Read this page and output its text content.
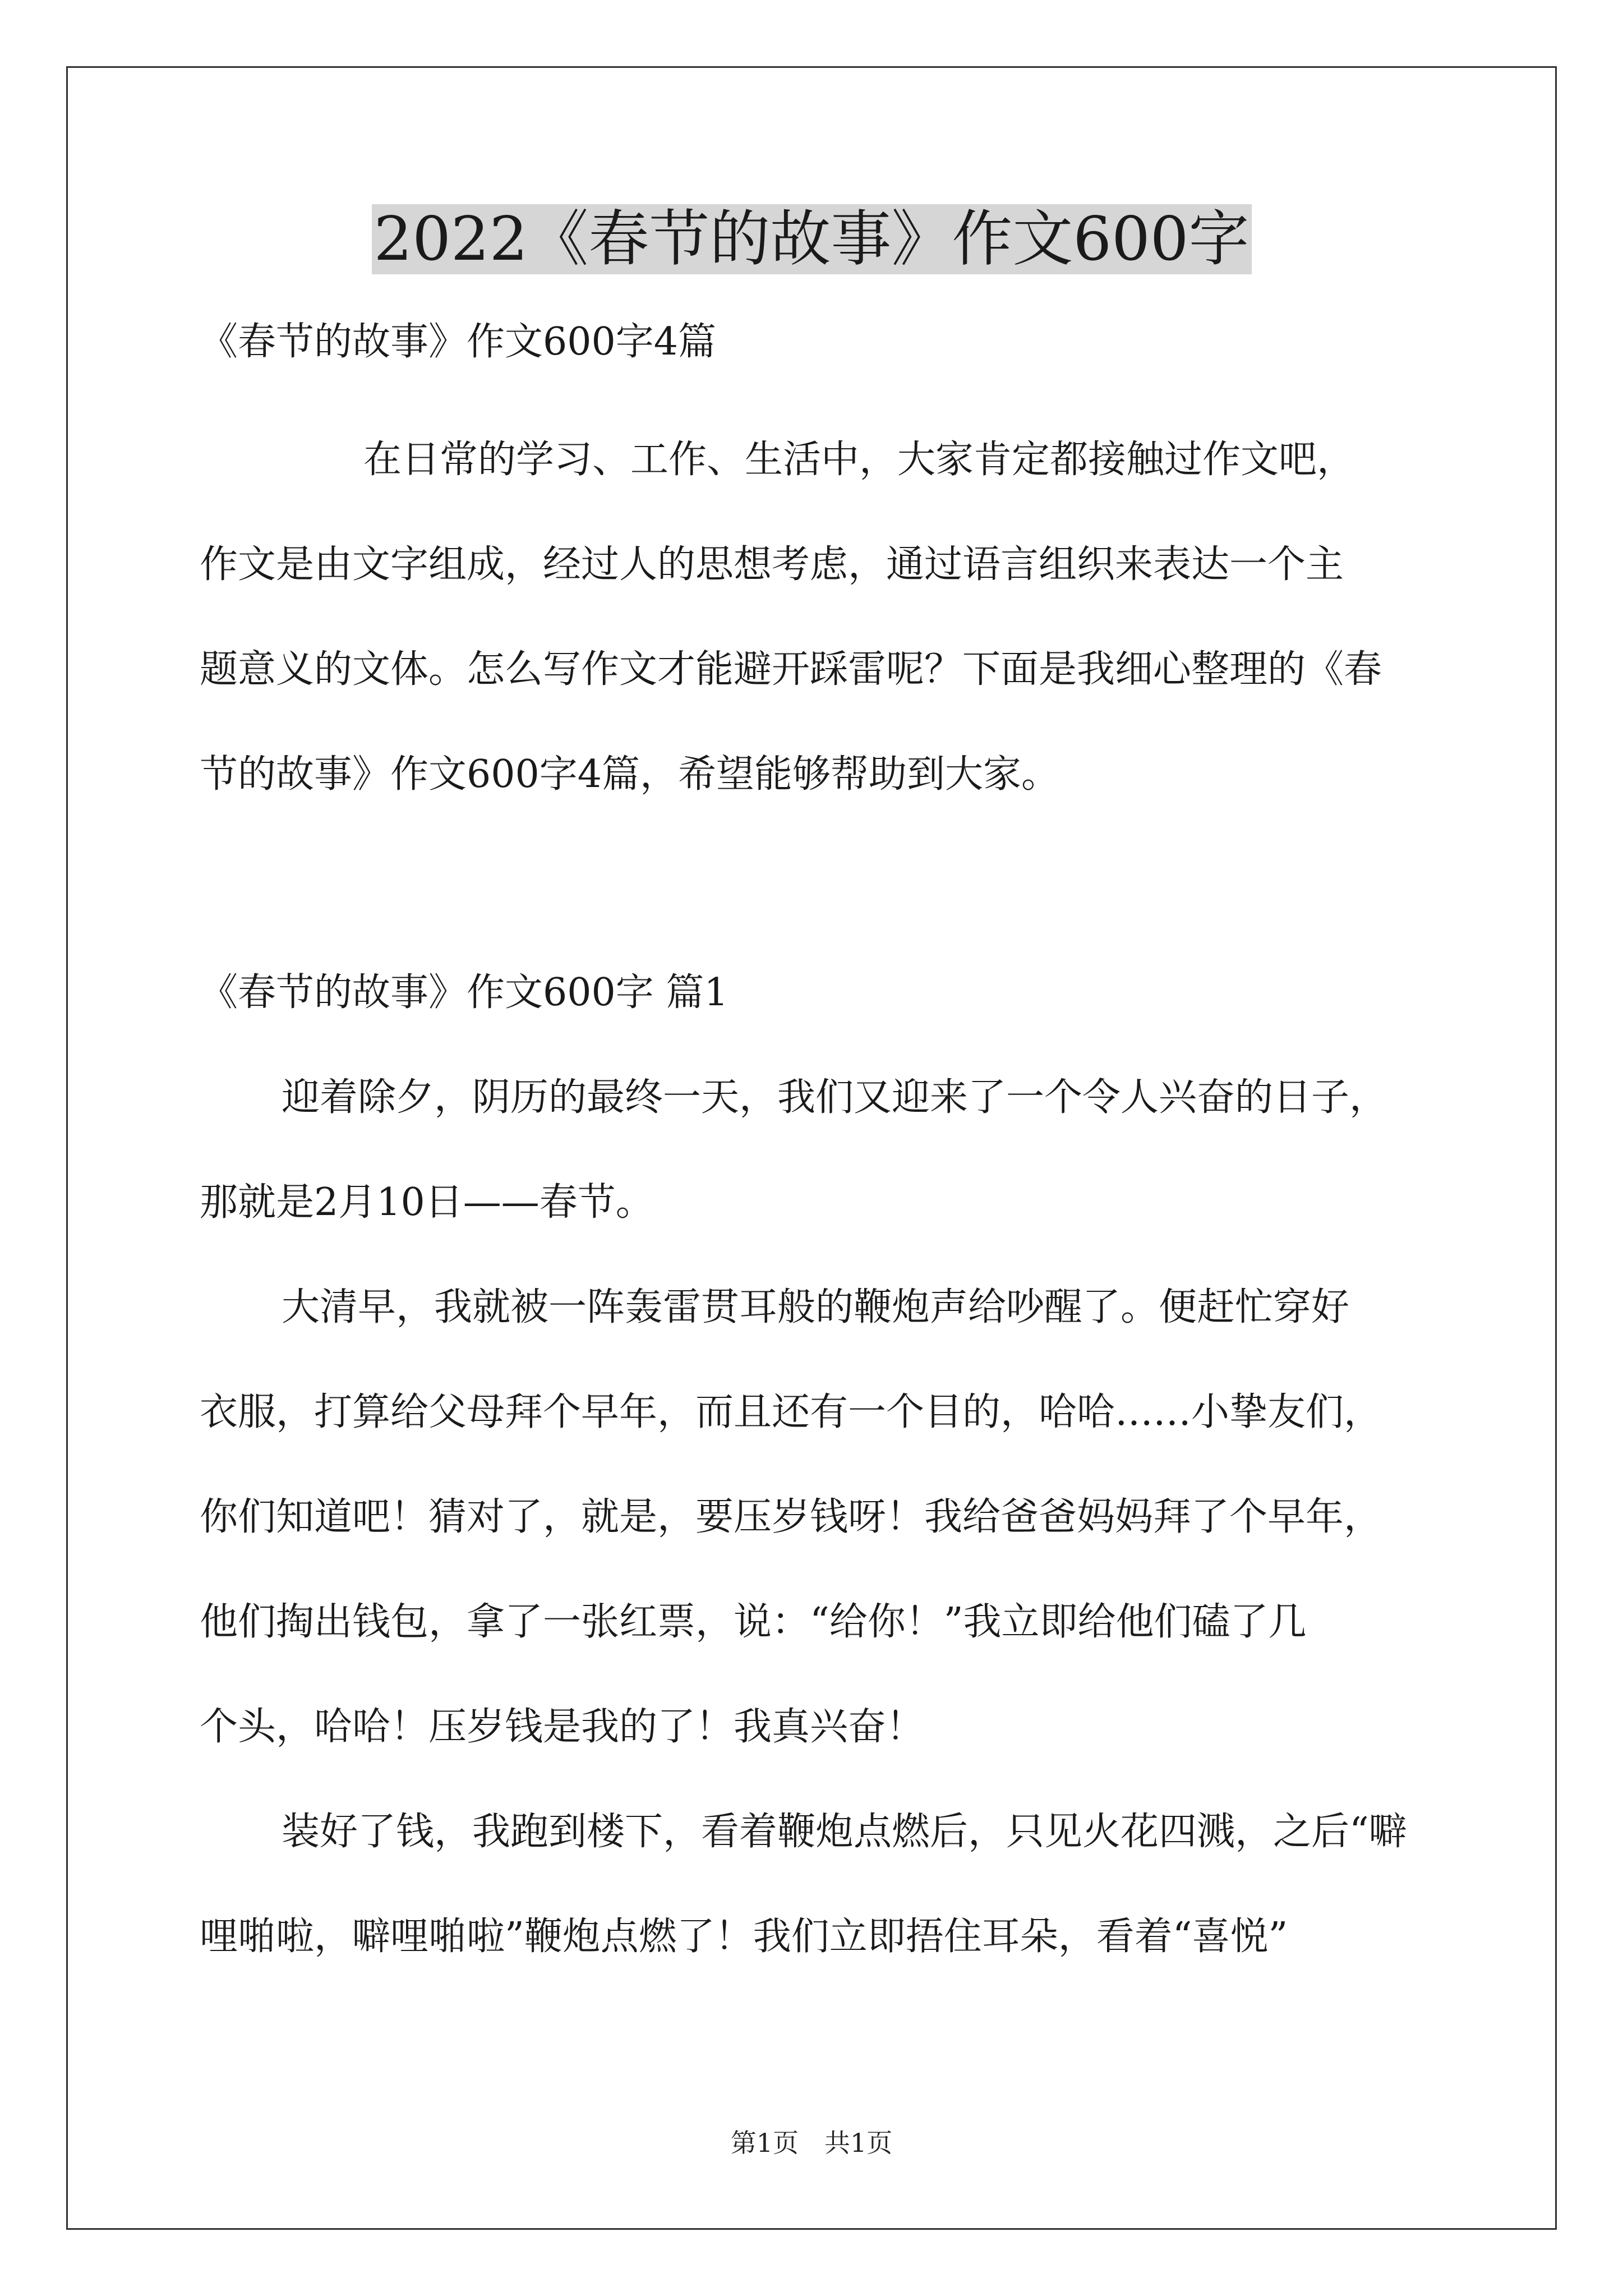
2022《春节的故事》作文600字

《春节的故事》作文600字4篇

在日常的学习、工作、生活中，大家肯定都接触过作文吧，

作文是由文字组成，经过人的思想考虑，通过语言组织来表达一个主

题意义的文体。怎么写作文才能避开踩雷呢？下面是我细心整理的《春

节的故事》作文600字4篇，希望能够帮助到大家。

《春节的故事》作文600字 篇1

迎着除夕，阴历的最终一天，我们又迎来了一个令人兴奋的日子，

那就是2月10日——春节。

大清早，我就被一阵轰雷贯耳般的鞭炮声给吵醒了。便赶忙穿好

衣服，打算给父母拜个早年，而且还有一个目的，哈哈……小挚友们，

你们知道吧！猜对了，就是，要压岁钱呀！我给爸爸妈妈拜了个早年，

他们掏出钱包，拿了一张红票，说：“给你！”我立即给他们磕了几

个头，哈哈！压岁钱是我的了！我真兴奋！

装好了钱，我跑到楼下，看着鞭炮点燃后，只见火花四溅，之后“噼

哩啪啦，噼哩啪啦”鞭炮点燃了！我们立即捂住耳朵，看着“喜悦”

第1页　共1页
